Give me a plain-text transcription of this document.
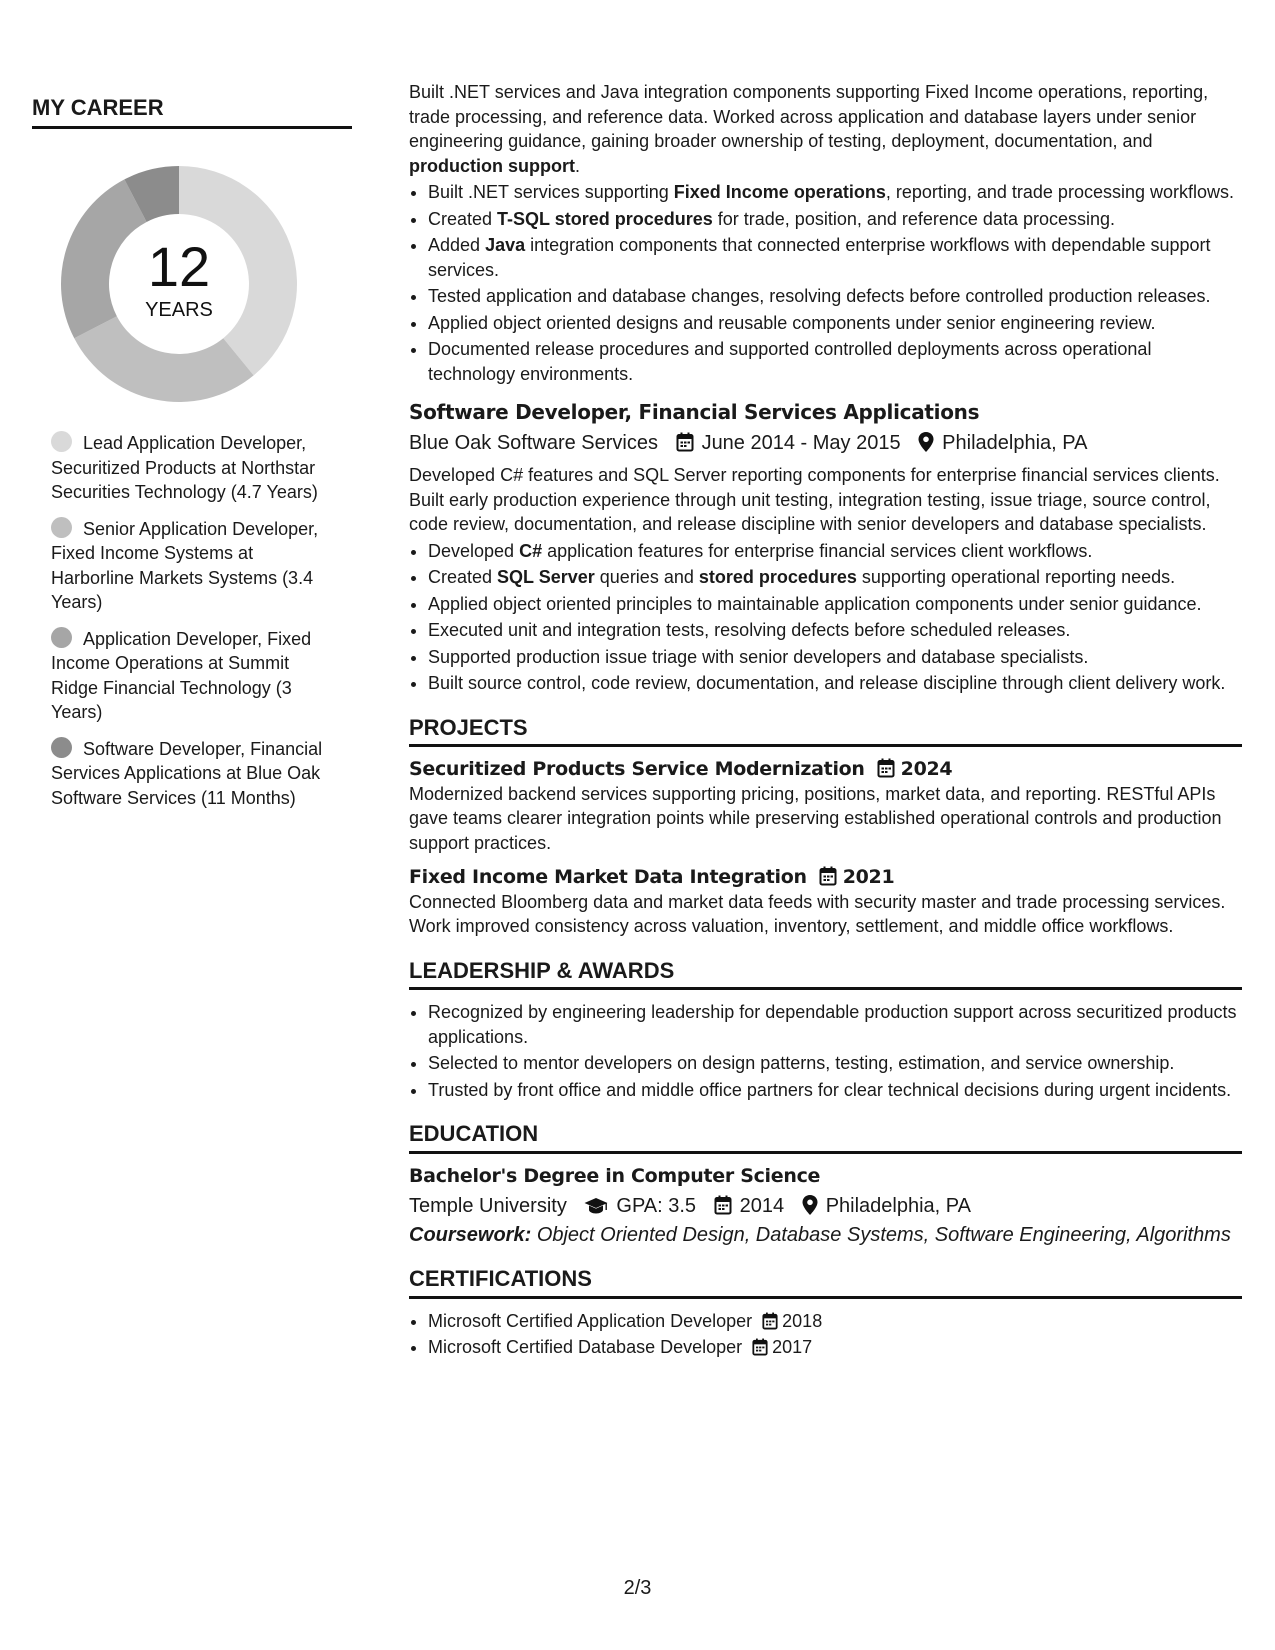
MY CAREER
12
YEARS
Lead Application Developer, Securitized Products at Northstar Securities Technology (4.7 Years)
Senior Application Developer, Fixed Income Systems at Harborline Markets Systems (3.4 Years)
Application Developer, Fixed Income Operations at Summit Ridge Financial Technology (3 Years)
Software Developer, Financial Services Applications at Blue Oak Software Services (11 Months)

Built .NET services and Java integration components supporting Fixed Income operations, reporting, trade processing, and reference data. Worked across application and database layers under senior engineering guidance, gaining broader ownership of testing, deployment, documentation, and production support.

• Built .NET services supporting Fixed Income operations, reporting, and trade processing workflows.
• Created T-SQL stored procedures for trade, position, and reference data processing.
• Added Java integration components that connected enterprise workflows with dependable support services.
• Tested application and database changes, resolving defects before controlled production releases.
• Applied object oriented designs and reusable components under senior engineering review.
• Documented release procedures and supported controlled deployments across operational technology environments.
Software Developer, Financial Services Applications
Blue Oak Software Services June 2014 - May 2015 Philadelphia, PA

Developed C# features and SQL Server reporting components for enterprise financial services clients. Built early production experience through unit testing, integration testing, issue triage, source control, code review, documentation, and release discipline with senior developers and database specialists.

• Developed C# application features for enterprise financial services client workflows.
• Created SQL Server queries and stored procedures supporting operational reporting needs.
• Applied object oriented principles to maintainable application components under senior guidance.
• Executed unit and integration tests, resolving defects before scheduled releases.
• Supported production issue triage with senior developers and database specialists.
• Built source control, code review, documentation, and release discipline through client delivery work.
PROJECTS
Securitized Products Service Modernization 2024

Modernized backend services supporting pricing, positions, market data, and reporting. RESTful APIs gave teams clearer integration points while preserving established operational controls and production support practices.

Fixed Income Market Data Integration 2021

Connected Bloomberg data and market data feeds with security master and trade processing services. Work improved consistency across valuation, inventory, settlement, and middle office workflows.

LEADERSHIP & AWARDS
• Recognized by engineering leadership for dependable production support across securitized products applications.
• Selected to mentor developers on design patterns, testing, estimation, and service ownership.
• Trusted by front office and middle office partners for clear technical decisions during urgent incidents.
EDUCATION
Bachelor's Degree in Computer Science
Temple University GPA: 3.5 2014 Philadelphia, PA
Coursework: Object Oriented Design, Database Systems, Software Engineering, Algorithms
CERTIFICATIONS
• Microsoft Certified Application Developer 2018
• Microsoft Certified Database Developer 2017
2/3
